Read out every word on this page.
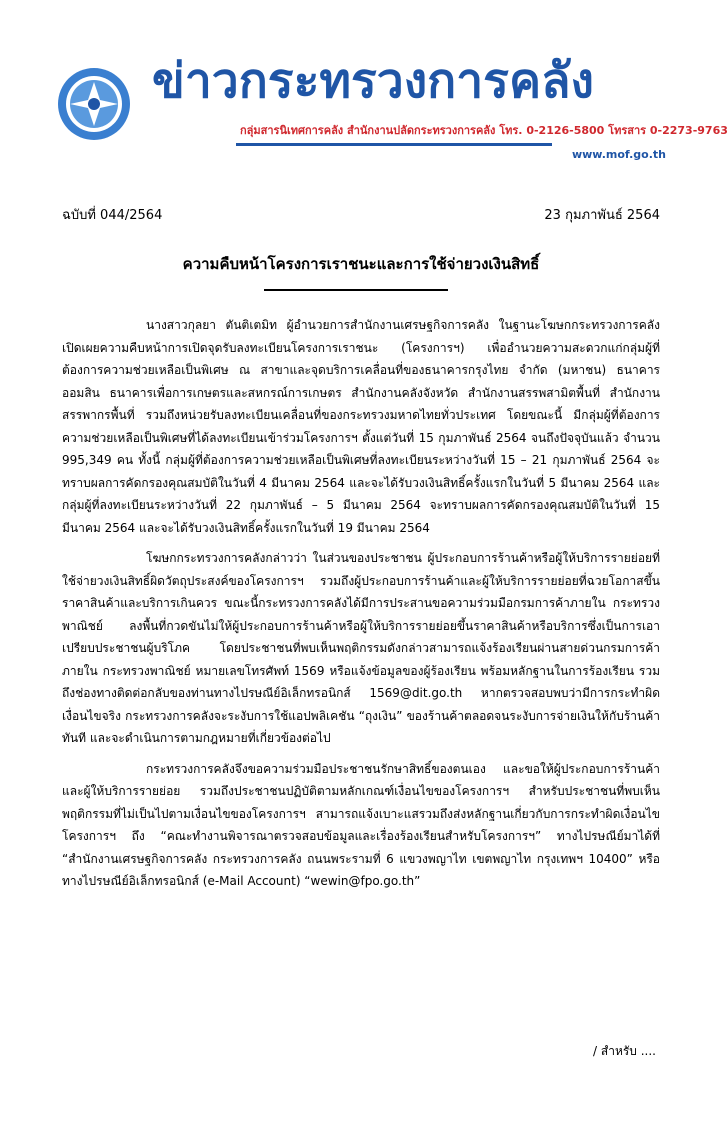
ข่าวกระทรวงการคลัง
กลุ่มสารนิเทศการคลัง สำนักงานปลัดกระทรวงการคลัง โทร. 0-2126-5800 โทรสาร 0-2273-9763
www.mof.go.th
ฉบับที่ 044/2564	23 กุมภาพันธ์ 2564
ความคืบหน้าโครงการเราชนะและการใช้จ่ายวงเงินสิทธิ์

นางสาวกุลยา ตันติเตมิท ผู้อำนวยการสำนักงานเศรษฐกิจการคลัง ในฐานะโฆษกกระทรวงการคลัง เปิดเผยความคืบหน้าการเปิดจุดรับลงทะเบียนโครงการเราชนะ (โครงการฯ) เพื่ออำนวยความสะดวกแก่กลุ่มผู้ที่ต้องการความช่วยเหลือเป็นพิเศษ ณ สาขาและจุดบริการเคลื่อนที่ของธนาคารกรุงไทย จำกัด (มหาชน) ธนาคารออมสิน ธนาคารเพื่อการเกษตรและสหกรณ์การเกษตร สำนักงานคลังจังหวัด สำนักงานสรรพสามิตพื้นที่ สำนักงานสรรพากรพื้นที่ รวมถึงหน่วยรับลงทะเบียนเคลื่อนที่ของกระทรวงมหาดไทยทั่วประเทศ โดยขณะนี้ มีกลุ่มผู้ที่ต้องการความช่วยเหลือเป็นพิเศษที่ได้ลงทะเบียนเข้าร่วมโครงการฯ ตั้งแต่วันที่ 15 กุมภาพันธ์ 2564 จนถึงปัจจุบันแล้ว จำนวน 995,349 คน ทั้งนี้ กลุ่มผู้ที่ต้องการความช่วยเหลือเป็นพิเศษที่ลงทะเบียนระหว่างวันที่ 15 – 21 กุมภาพันธ์ 2564 จะทราบผลการคัดกรองคุณสมบัติในวันที่ 4 มีนาคม 2564 และจะได้รับวงเงินสิทธิ์ครั้งแรกในวันที่ 5 มีนาคม 2564 และกลุ่มผู้ที่ลงทะเบียนระหว่างวันที่ 22 กุมภาพันธ์ – 5 มีนาคม 2564 จะทราบผลการคัดกรองคุณสมบัติในวันที่ 15 มีนาคม 2564 และจะได้รับวงเงินสิทธิ์ครั้งแรกในวันที่ 19 มีนาคม 2564

โฆษกกระทรวงการคลังกล่าวว่า ในส่วนของประชาชน ผู้ประกอบการร้านค้าหรือผู้ให้บริการรายย่อยที่ใช้จ่ายวงเงินสิทธิ์ผิดวัตถุประสงค์ของโครงการฯ รวมถึงผู้ประกอบการร้านค้าและผู้ให้บริการรายย่อยที่ฉวยโอกาสขึ้นราคาสินค้าและบริการเกินควร ขณะนี้กระทรวงการคลังได้มีการประสานขอความร่วมมือกรมการค้าภายใน กระทรวงพาณิชย์ ลงพื้นที่กวดขันไม่ให้ผู้ประกอบการร้านค้าหรือผู้ให้บริการรายย่อยขึ้นราคาสินค้าหรือบริการซึ่งเป็นการเอาเปรียบประชาชนผู้บริโภค โดยประชาชนที่พบเห็นพฤติกรรมดังกล่าวสามารถแจ้งร้องเรียนผ่านสายด่วนกรมการค้าภายใน กระทรวงพาณิชย์ หมายเลขโทรศัพท์ 1569 หรือแจ้งข้อมูลของผู้ร้องเรียน พร้อมหลักฐานในการร้องเรียน รวมถึงช่องทางติดต่อกลับของท่านทางไปรษณีย์อิเล็กทรอนิกส์ 1569@dit.go.th หากตรวจสอบพบว่ามีการกระทำผิดเงื่อนไขจริง กระทรวงการคลังจะระงับการใช้แอปพลิเคชัน “ถุงเงิน” ของร้านค้าตลอดจนระงับการจ่ายเงินให้กับร้านค้าทันที และจะดำเนินการตามกฎหมายที่เกี่ยวข้องต่อไป

กระทรวงการคลังจึงขอความร่วมมือประชาชนรักษาสิทธิ์ของตนเอง และขอให้ผู้ประกอบการร้านค้าและผู้ให้บริการรายย่อย รวมถึงประชาชนปฏิบัติตามหลักเกณฑ์เงื่อนไขของโครงการฯ สำหรับประชาชนที่พบเห็นพฤติกรรมที่ไม่เป็นไปตามเงื่อนไขของโครงการฯ สามารถแจ้งเบาะแสรวมถึงส่งหลักฐานเกี่ยวกับการกระทำผิดเงื่อนไขโครงการฯ ถึง “คณะทำงานพิจารณาตรวจสอบข้อมูลและเรื่องร้องเรียนสำหรับโครงการฯ” ทางไปรษณีย์มาได้ที่ “สำนักงานเศรษฐกิจการคลัง กระทรวงการคลัง ถนนพระรามที่ 6 แขวงพญาไท เขตพญาไท กรุงเทพฯ 10400” หรือทางไปรษณีย์อิเล็กทรอนิกส์ (e-Mail Account) “wewin@fpo.go.th”

/ สำหรับ ....
